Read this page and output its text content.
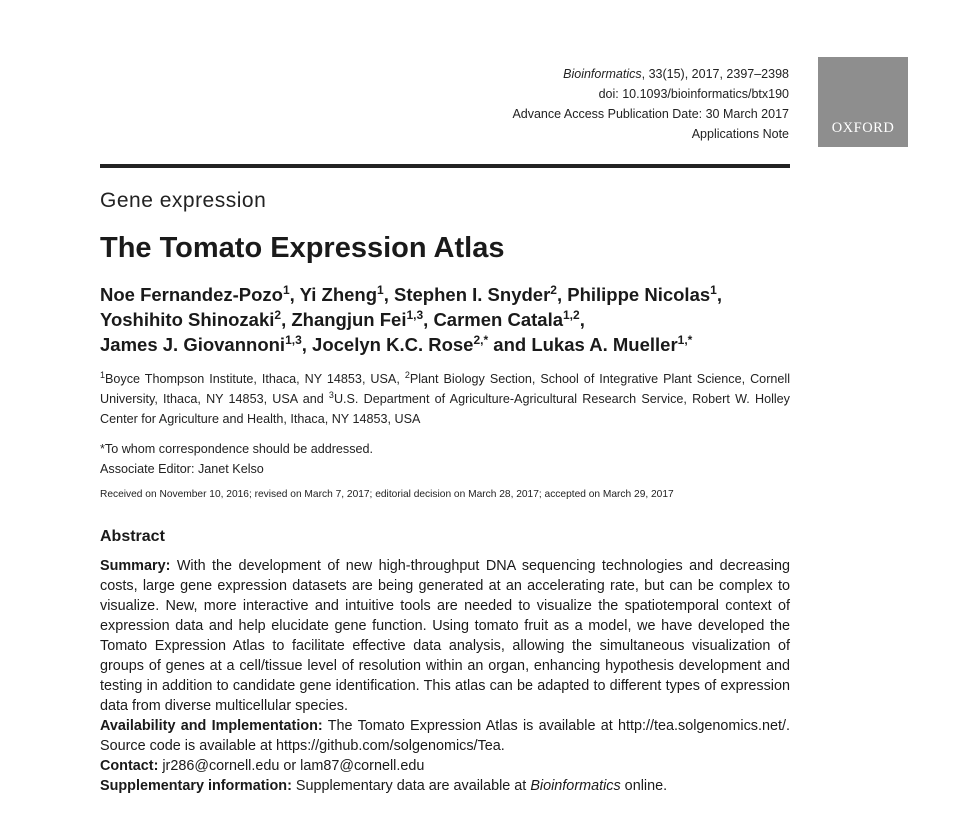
Bioinformatics, 33(15), 2017, 2397–2398
doi: 10.1093/bioinformatics/btx190
Advance Access Publication Date: 30 March 2017
Applications Note	OXFORD
Gene expression
The Tomato Expression Atlas
Noe Fernandez-Pozo$^1$, Yi Zheng$^1$, Stephen I. Snyder$^2$, Philippe Nicolas$^1$,
Yoshihito Shinozaki$^2$, Zhangjun Fei$^{1,3}$, Carmen Catala$^{1,2}$,
James J. Giovannoni$^{1,3}$, Jocelyn K.C. Rose$^{2,*}$ and Lukas A. Mueller$^{1,*}$
$^1$Boyce Thompson Institute, Ithaca, NY 14853, USA, $^2$Plant Biology Section, School of Integrative Plant Science, Cornell University, Ithaca, NY 14853, USA and $^3$U.S. Department of Agriculture-Agricultural Research Service, Robert W. Holley Center for Agriculture and Health, Ithaca, NY 14853, USA
*To whom correspondence should be addressed.
Associate Editor: Janet Kelso
Received on November 10, 2016; revised on March 7, 2017; editorial decision on March 28, 2017; accepted on March 29, 2017
Abstract

Summary: With the development of new high-throughput DNA sequencing technologies and decreasing costs, large gene expression datasets are being generated at an accelerating rate, but can be complex to visualize. New, more interactive and intuitive tools are needed to visualize the spatiotemporal context of expression data and help elucidate gene function. Using tomato fruit as a model, we have developed the Tomato Expression Atlas to facilitate effective data analysis, allowing the simultaneous visualization of groups of genes at a cell/tissue level of resolution within an organ, enhancing hypothesis development and testing in addition to candidate gene identification. This atlas can be adapted to different types of expression data from diverse multicellular species.

Availability and Implementation: The Tomato Expression Atlas is available at http://tea.solgenomics.net/. Source code is available at https://github.com/solgenomics/Tea.

Contact: jr286@cornell.edu or lam87@cornell.edu

Supplementary information: Supplementary data are available at Bioinformatics online.
